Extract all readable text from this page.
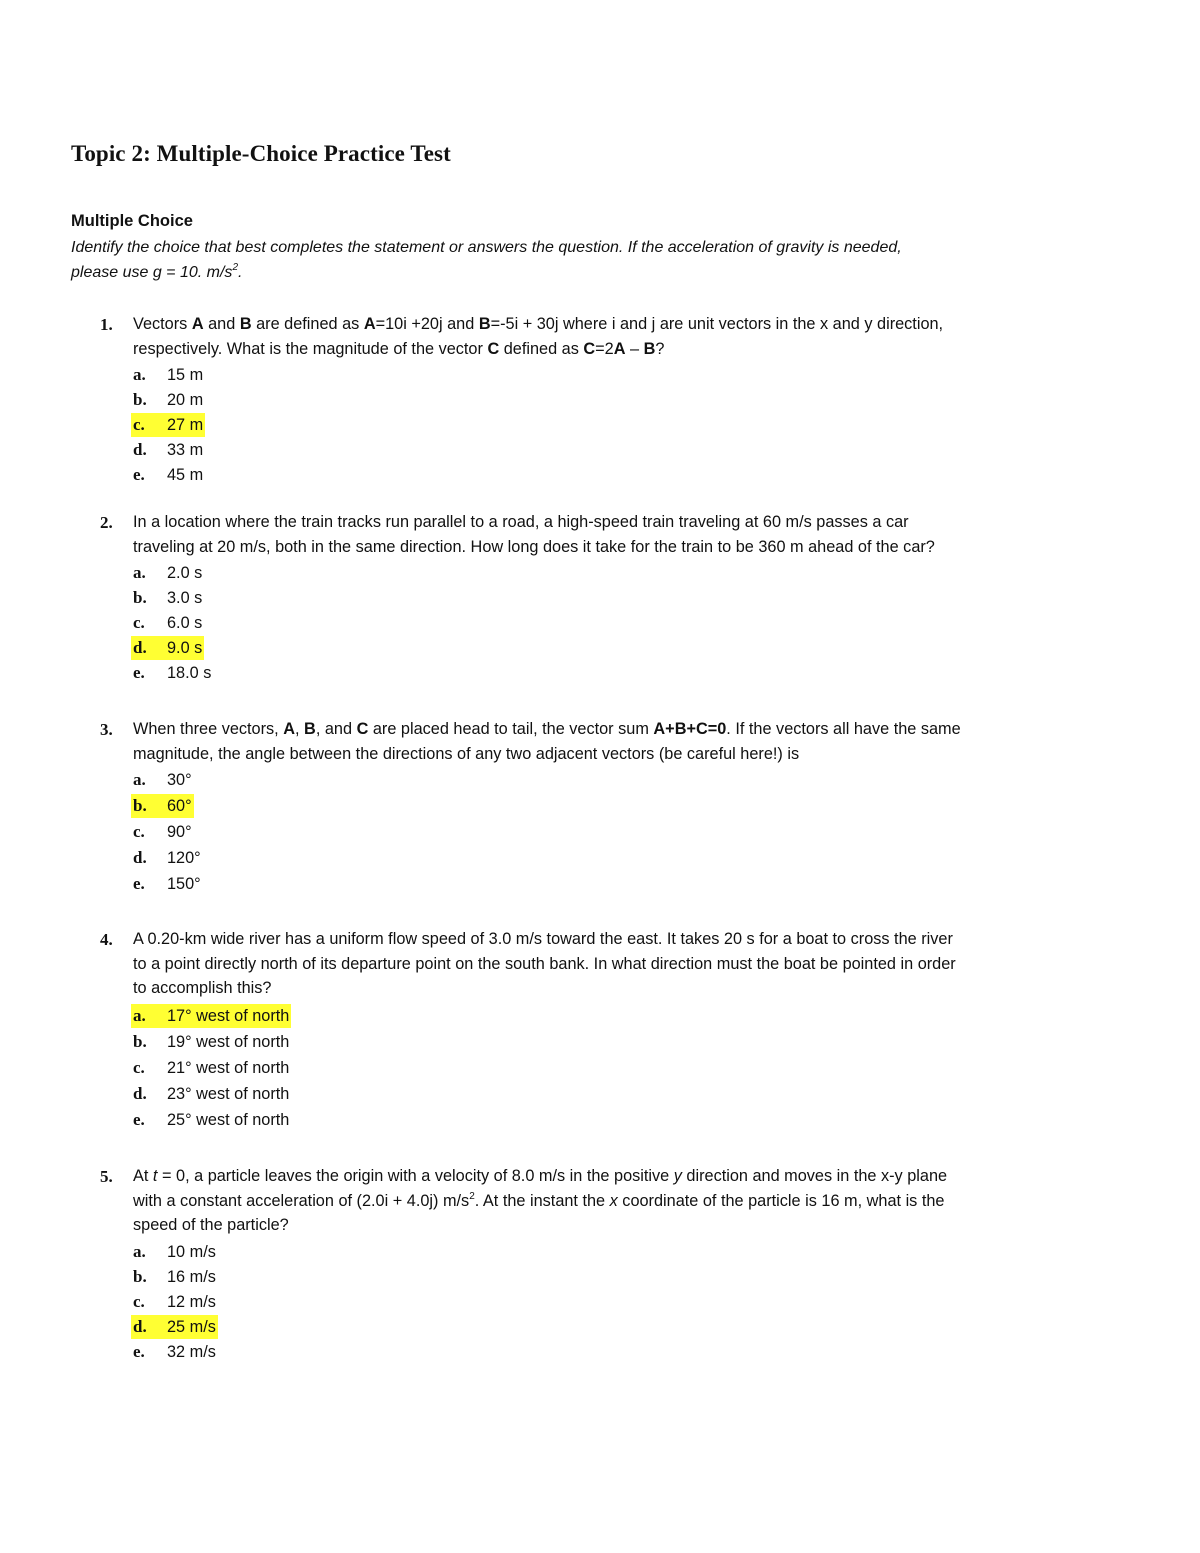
Topic 2: Multiple-Choice Practice Test
Multiple Choice
Identify the choice that best completes the statement or answers the question. If the acceleration of gravity is needed,
please use g = 10. $m/s^2$.
1. Vectors A and B are defined as A=10i +20j and B=-5i + 30j where i and j are unit vectors in the x and y direction,
respectively. What is the magnitude of the vector C defined as C=2A – B?
a. 15 m
b. 20 m
c. 27 m
d. 33 m
e. 45 m
2. In a location where the train tracks run parallel to a road, a high-speed train traveling at 60 m/s passes a car
traveling at 20 m/s, both in the same direction. How long does it take for the train to be 360 m ahead of the car?
a. 2.0 s
b. 3.0 s
c. 6.0 s
d. 9.0 s
e. 18.0 s
3. When three vectors, A, B, and C are placed head to tail, the vector sum A+B+C=0. If the vectors all have the same
magnitude, the angle between the directions of any two adjacent vectors (be careful here!) is
a. 30°
b. 60°
c. 90°
d. 120°
e. 150°
4. A 0.20-km wide river has a uniform flow speed of 3.0 m/s toward the east. It takes 20 s for a boat to cross the river
to a point directly north of its departure point on the south bank. In what direction must the boat be pointed in order
to accomplish this?
a. 17° west of north
b. 19° west of north
c. 21° west of north
d. 23° west of north
e. 25° west of north
5. At t = 0, a particle leaves the origin with a velocity of 8.0 m/s in the positive y direction and moves in the x-y plane
with a constant acceleration of (2.0i + 4.0j) $m/s^2$. At the instant the x coordinate of the particle is 16 m, what is the
speed of the particle?
a. 10 m/s
b. 16 m/s
c. 12 m/s
d. 25 m/s
e. 32 m/s
